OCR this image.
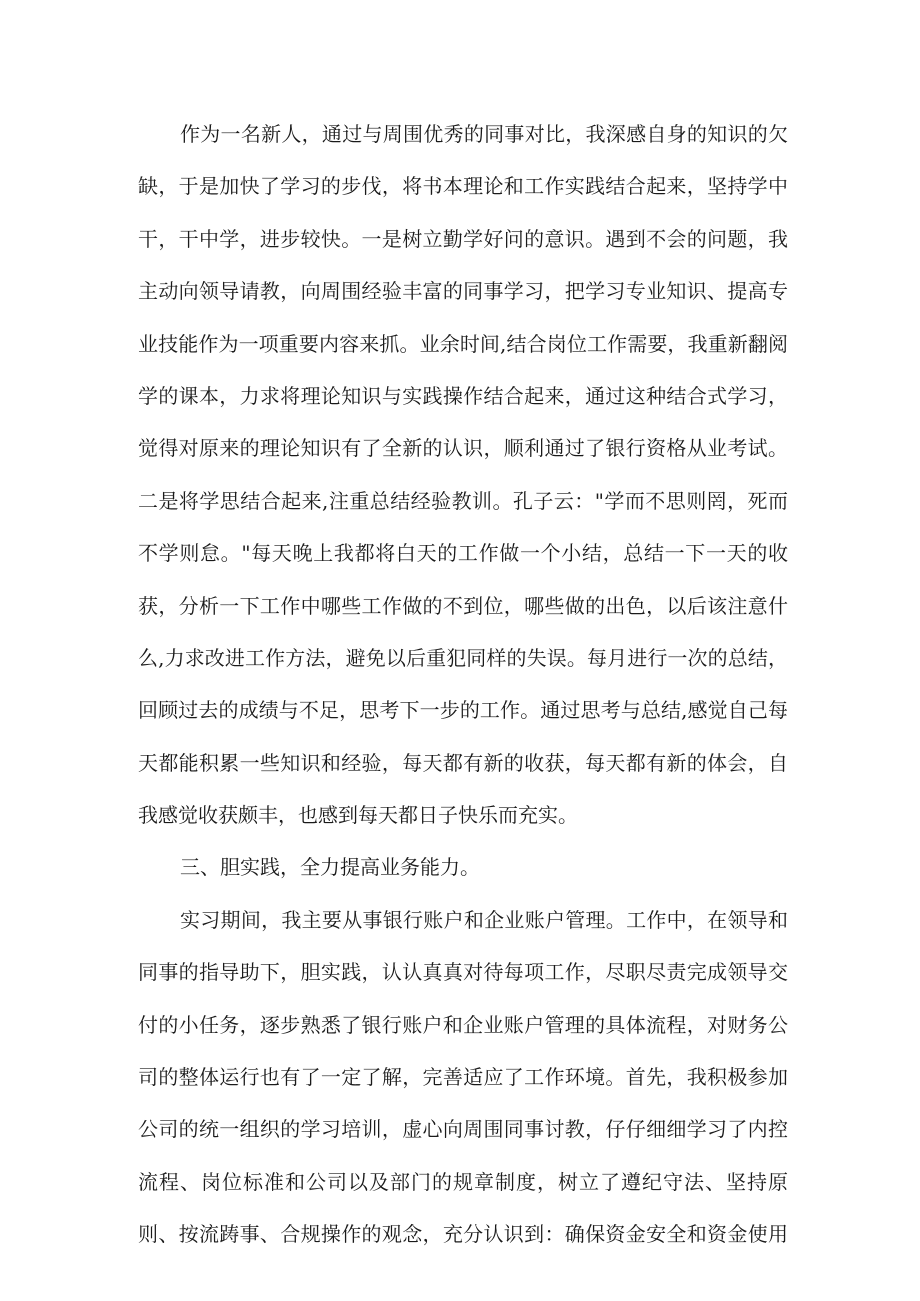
作为一名新人，通过与周围优秀的同事对比，我深感自身的知识的欠
缺，于是加快了学习的步伐，将书本理论和工作实践结合起来，坚持学中
干，干中学，进步较快。一是树立勤学好问的意识。遇到不会的问题，我
主动向领导请教，向周围经验丰富的同事学习，把学习专业知识、提高专
业技能作为一项重要内容来抓。业余时间,结合岗位工作需要，我重新翻阅
学的课本，力求将理论知识与实践操作结合起来，通过这种结合式学习，
觉得对原来的理论知识有了全新的认识，顺利通过了银行资格从业考试。
二是将学思结合起来,注重总结经验教训。孔子云："学而不思则罔，死而
不学则怠。"每天晚上我都将白天的工作做一个小结，总结一下一天的收
获，分析一下工作中哪些工作做的不到位，哪些做的出色，以后该注意什
么,力求改进工作方法，避免以后重犯同样的失误。每月进行一次的总结，
回顾过去的成绩与不足，思考下一步的工作。通过思考与总结,感觉自己每
天都能积累一些知识和经验，每天都有新的收获，每天都有新的体会，自
我感觉收获颇丰，也感到每天都日子快乐而充实。
三、胆实践，全力提高业务能力。
实习期间，我主要从事银行账户和企业账户管理。工作中，在领导和
同事的指导助下，胆实践，认认真真对待每项工作，尽职尽责完成领导交
付的小任务，逐步熟悉了银行账户和企业账户管理的具体流程，对财务公
司的整体运行也有了一定了解，完善适应了工作环境。首先，我积极参加
公司的统一组织的学习培训，虚心向周围同事讨教，仔仔细细学习了内控
流程、岗位标准和公司以及部门的规章制度，树立了遵纪守法、坚持原
则、按流踌事、合规操作的观念，充分认识到：确保资金安全和资金使用
